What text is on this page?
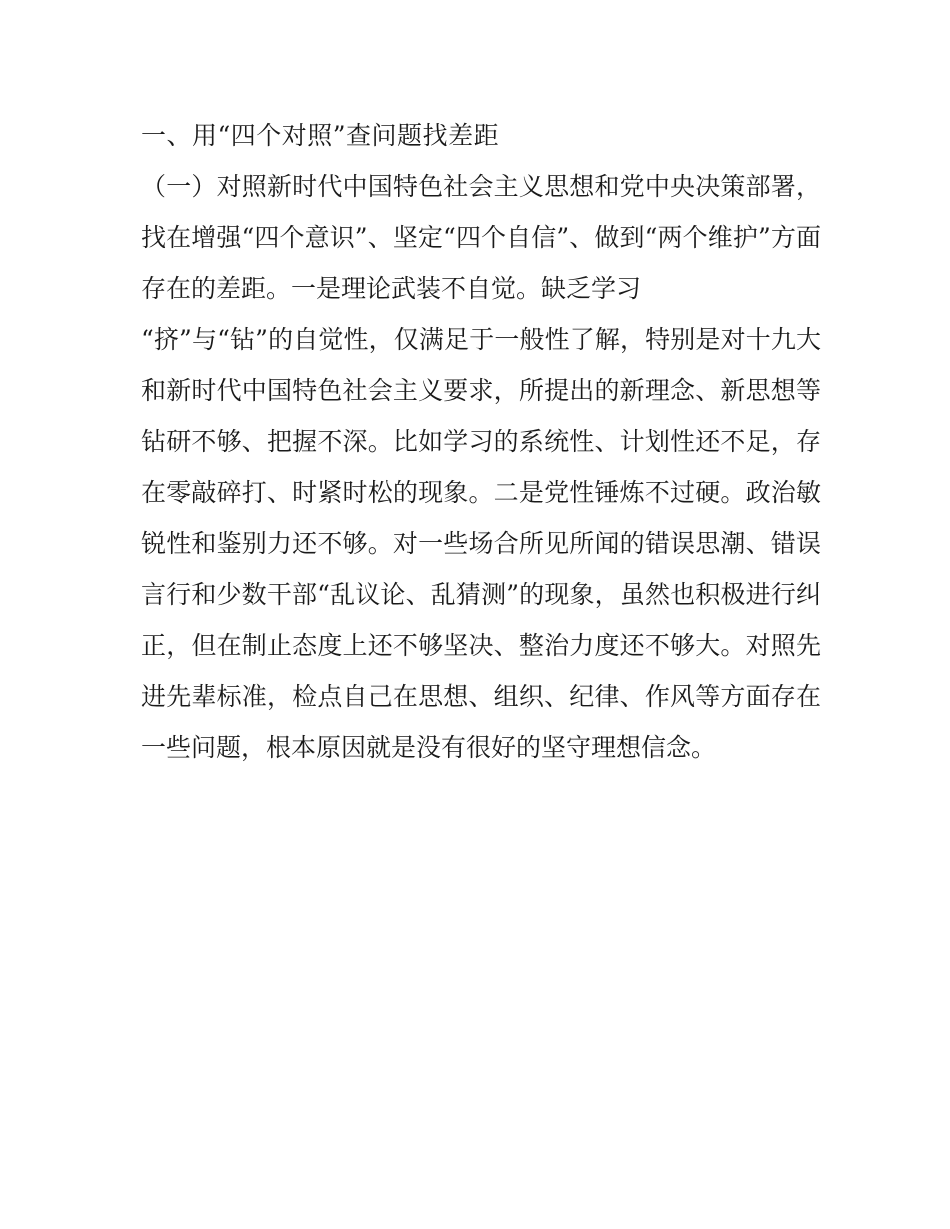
一、用“四个对照”查问题找差距
（一）对照新时代中国特色社会主义思想和党中央决策部署，
找在增强“四个意识”、坚定“四个自信”、做到“两个维护”方面
存在的差距。一是理论武装不自觉。缺乏学习
“挤”与“钻”的自觉性，仅满足于一般性了解，特别是对十九大
和新时代中国特色社会主义要求，所提出的新理念、新思想等
钻研不够、把握不深。比如学习的系统性、计划性还不足，存
在零敲碎打、时紧时松的现象。二是党性锤炼不过硬。政治敏
锐性和鉴别力还不够。对一些场合所见所闻的错误思潮、错误
言行和少数干部“乱议论、乱猜测”的现象，虽然也积极进行纠
正，但在制止态度上还不够坚决、整治力度还不够大。对照先
进先辈标准，检点自己在思想、组织、纪律、作风等方面存在
一些问题，根本原因就是没有很好的坚守理想信念。
